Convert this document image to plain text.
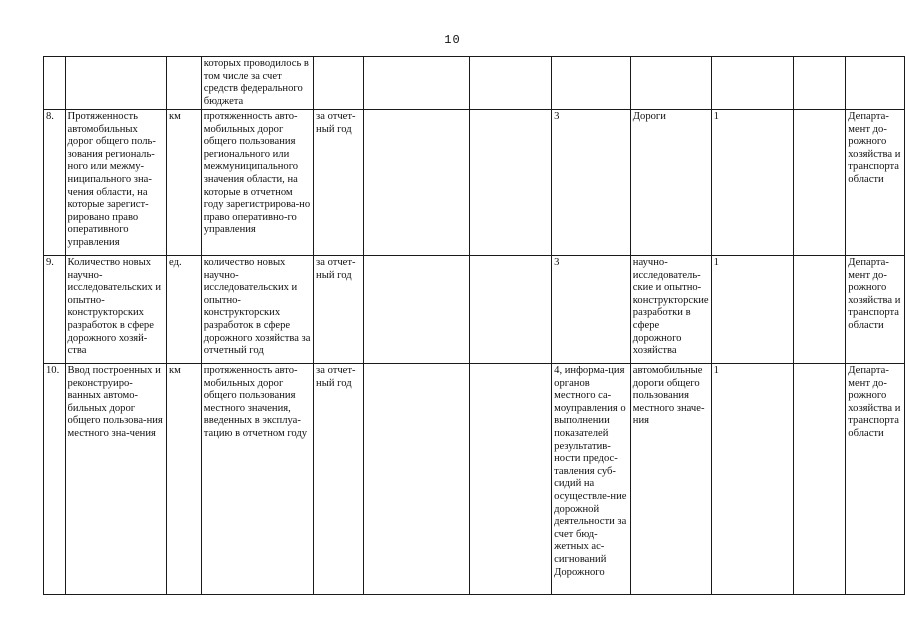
10
			которых проводилось в том числе за счет средств федерального бюджета									
8.	Протяженность автомобильных дорог общего поль-зования региональ-ного или межму-ниципального зна-чения области, на которые зарегист-рировано право оперативного управления	км	протяженность авто-мобильных дорог общего пользования регионального или межмуниципального значения области, на которые в отчетном году зарегистрирова-но право оперативно-го управления	за отчет-ный год			3	Дороги	1			Департа-мент до-рожного хозяйства и транспорта области
9.	Количество новых научно-исследовательских и опытно-конструкторских разработок в сфере дорожного хозяй-ства	ед.	количество новых научно-исследовательских и опытно-конструкторских разработок в сфере дорожного хозяйства за отчетный год	за отчет-ный год			3	научно-исследователь-ские и опытно-конструкторские разработки в сфере дорожного хозяйства	1			Департа-мент до-рожного хозяйства и транспорта области
10.	Ввод построенных и реконструиро-ванных автомо-бильных дорог общего пользова-ния местного зна-чения	км	протяженность авто-мобильных дорог общего пользования местного значения, введенных в эксплуа-тацию в отчетном году	за отчет-ный год			4, информа-ция органов местного са-моуправления о выполнении показателей результатив-ности предос-тавления суб-сидий на осуществле-ние дорожной деятельности за счет бюд-жетных ас-сигнований Дорожного	автомобильные дороги общего пользования местного значе-ния	1			Департа-мент до-рожного хозяйства и транспорта области
